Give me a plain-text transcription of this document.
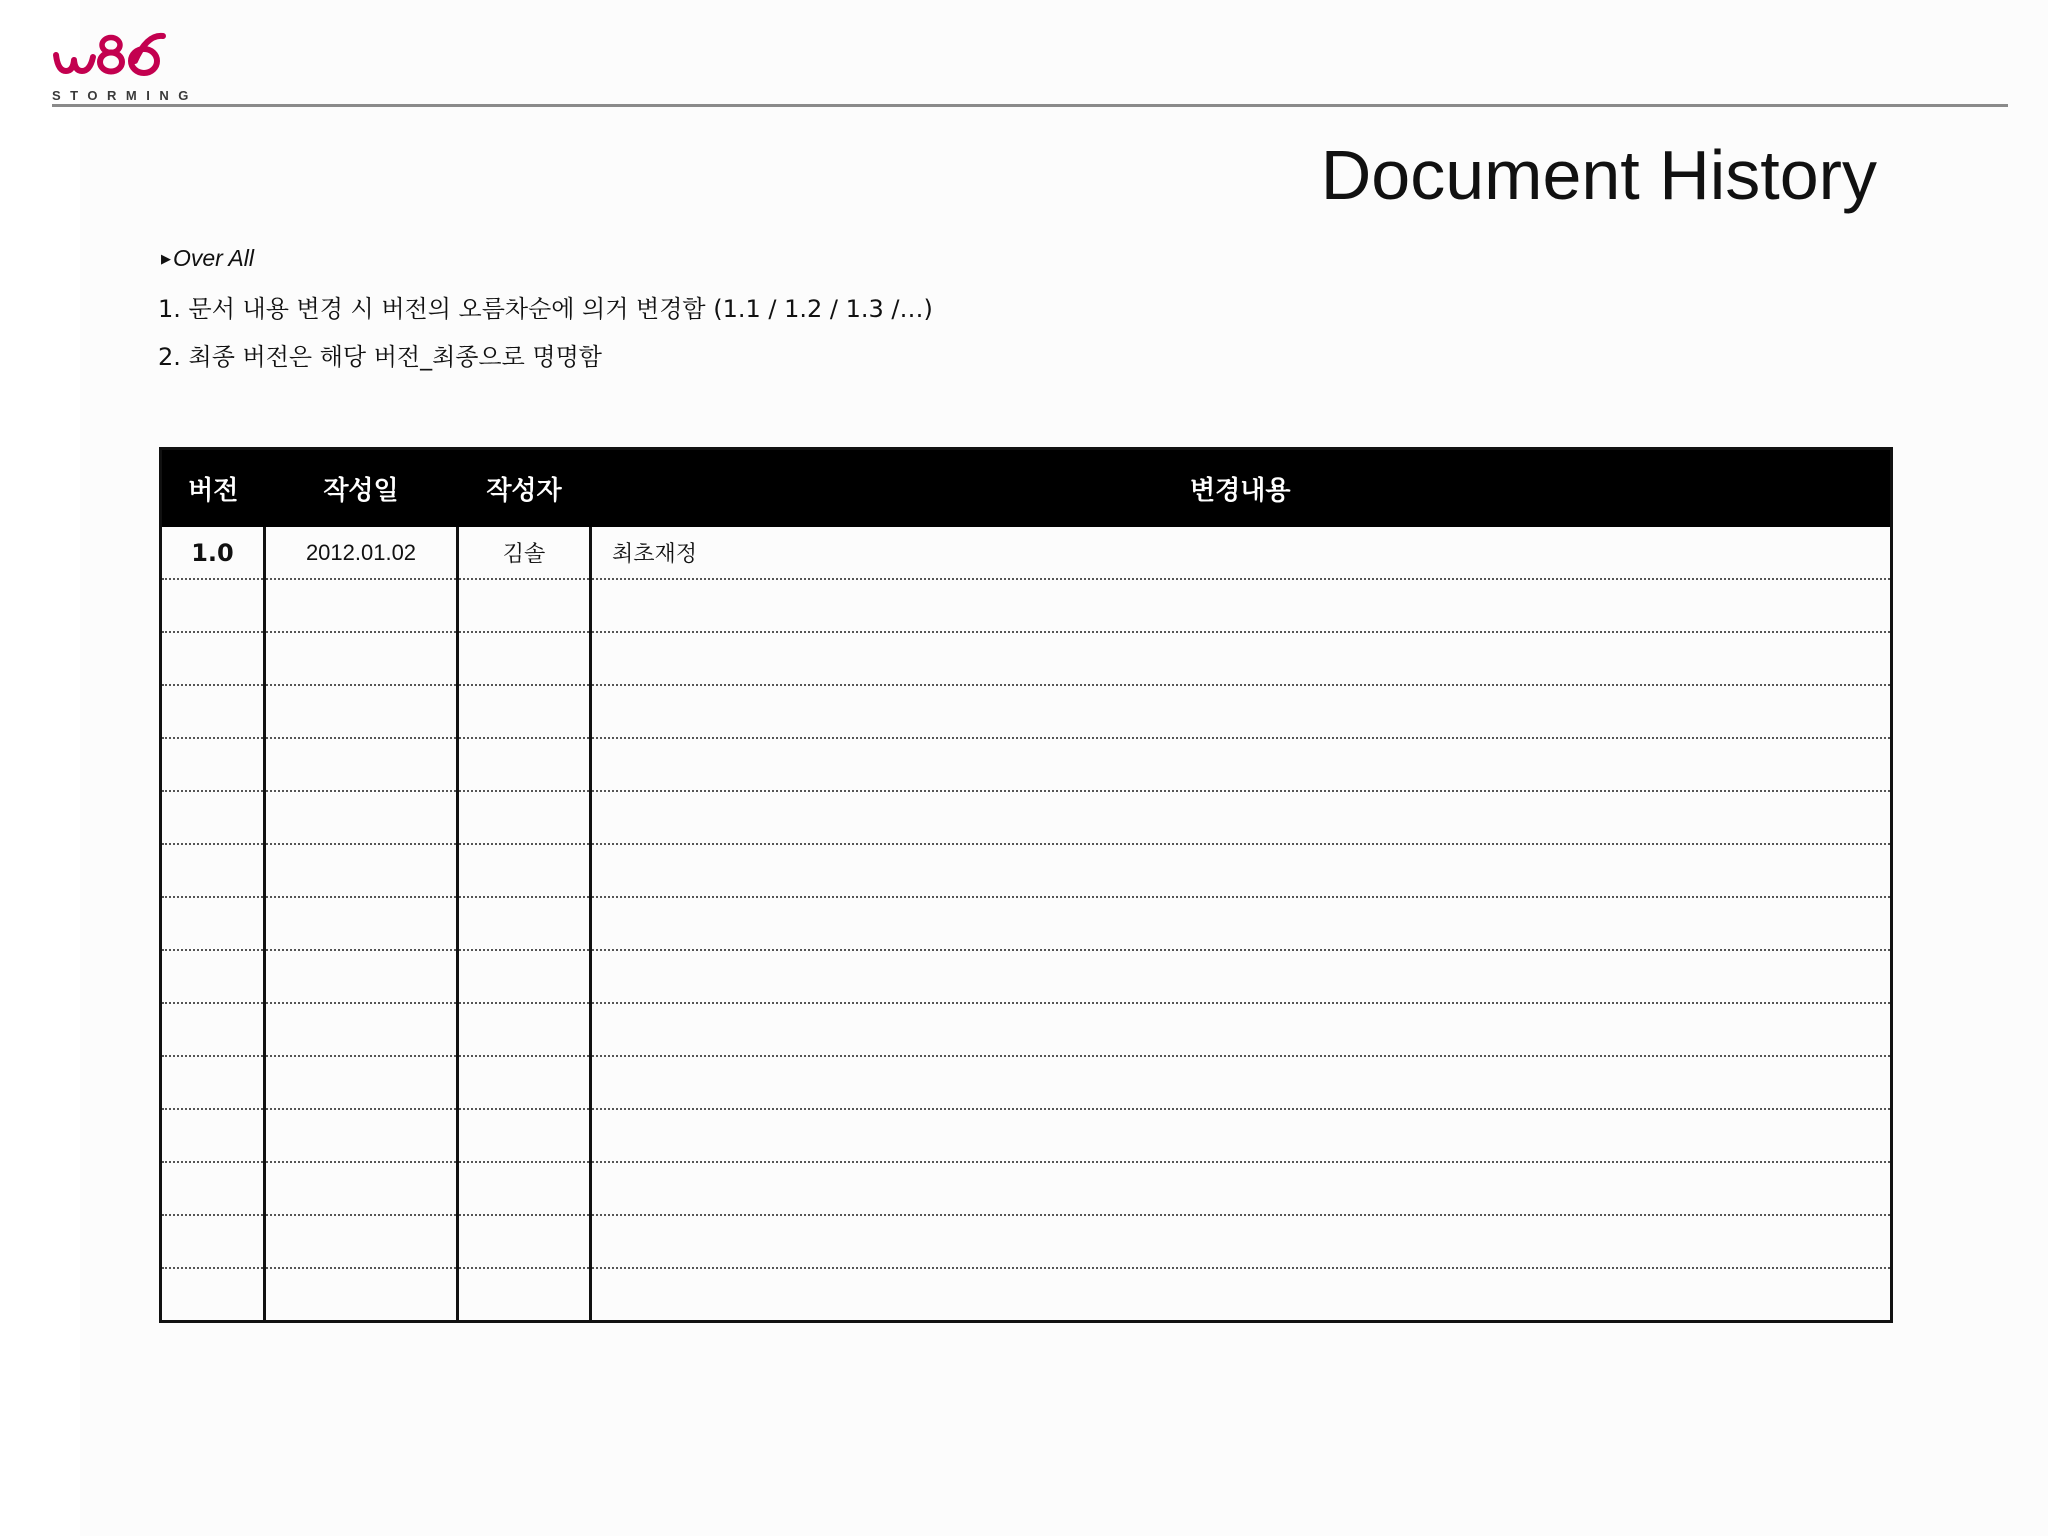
STORMING
Document History
▶Over All
1. 문서 내용 변경 시 버전의 오름차순에 의거 변경함 (1.1 / 1.2 / 1.3 /…)
2. 최종 버전은 해당 버전_최종으로 명명함
버전	작성일	작성자	변경내용
1.0	2012.01.02	김솔	최초재정
